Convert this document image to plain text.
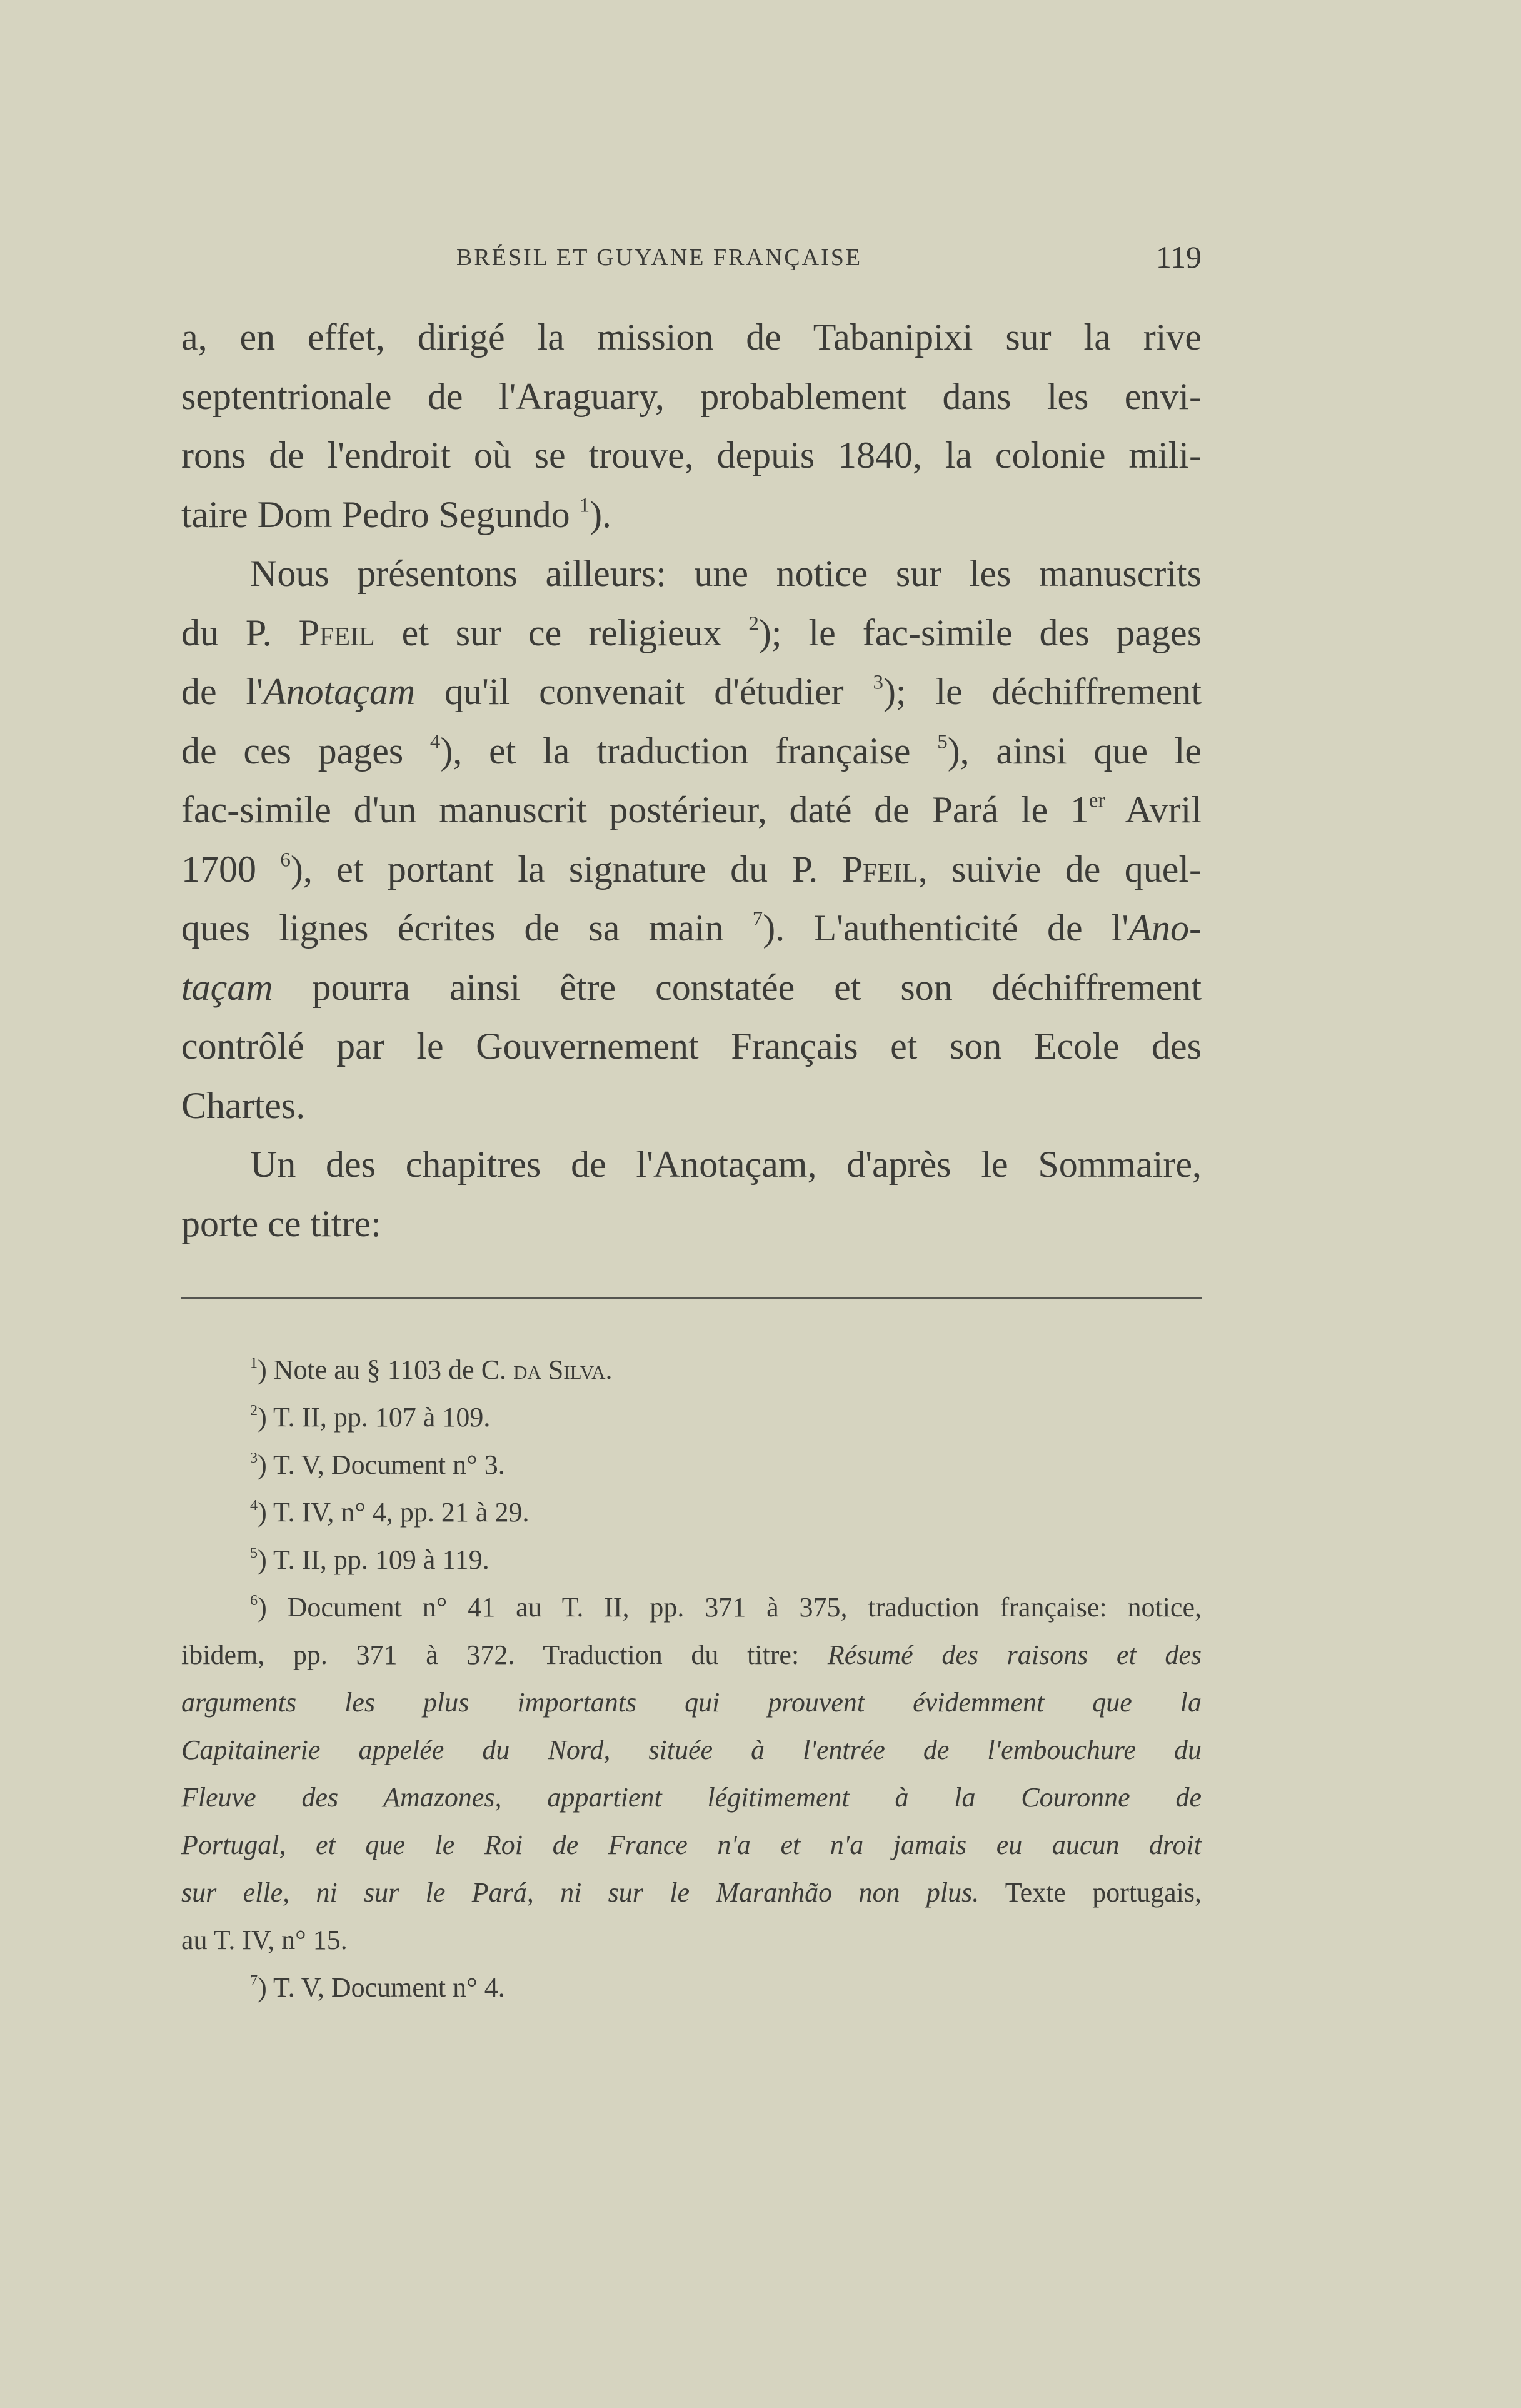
BRÉSIL ET GUYANE FRANÇAISE	119
a, en effet, dirigé la mission de Tabanipixi sur la rive
septentrionale de l'Araguary, probablement dans les envi-
rons de l'endroit où se trouve, depuis 1840, la colonie mili-
taire Dom Pedro Segundo $^1$).
Nous présentons ailleurs: une notice sur les manuscrits
du P. Pfeil et sur ce religieux $^2$); le fac-simile des pages
de l'Anotaçam qu'il convenait d'étudier $^3$); le déchiffrement
de ces pages $^4$), et la traduction française $^5$), ainsi que le
fac-simile d'un manuscrit postérieur, daté de Pará le 1er Avril
1700 $^6$), et portant la signature du P. Pfeil, suivie de quel-
ques lignes écrites de sa main $^7$). L'authenticité de l'Ano-
taçam pourra ainsi être constatée et son déchiffrement
contrôlé par le Gouvernement Français et son Ecole des
Chartes.
Un des chapitres de l'Anotaçam, d'après le Sommaire,
porte ce titre:
$^1$) Note au § 1103 de C. da Silva.
$^2$) T. II, pp. 107 à 109.
$^3$) T. V, Document n° 3.
$^4$) T. IV, n° 4, pp. 21 à 29.
$^5$) T. II, pp. 109 à 119.
$^6$) Document n° 41 au T. II, pp. 371 à 375, traduction française: notice,
ibidem, pp. 371 à 372. Traduction du titre: Résumé des raisons et des
arguments les plus importants qui prouvent évidemment que la
Capitainerie appelée du Nord, située à l'entrée de l'embouchure du
Fleuve des Amazones, appartient légitimement à la Couronne de
Portugal, et que le Roi de France n'a et n'a jamais eu aucun droit
sur elle, ni sur le Pará, ni sur le Maranhão non plus. Texte portugais,
au T. IV, n° 15.
$^7$) T. V, Document n° 4.
